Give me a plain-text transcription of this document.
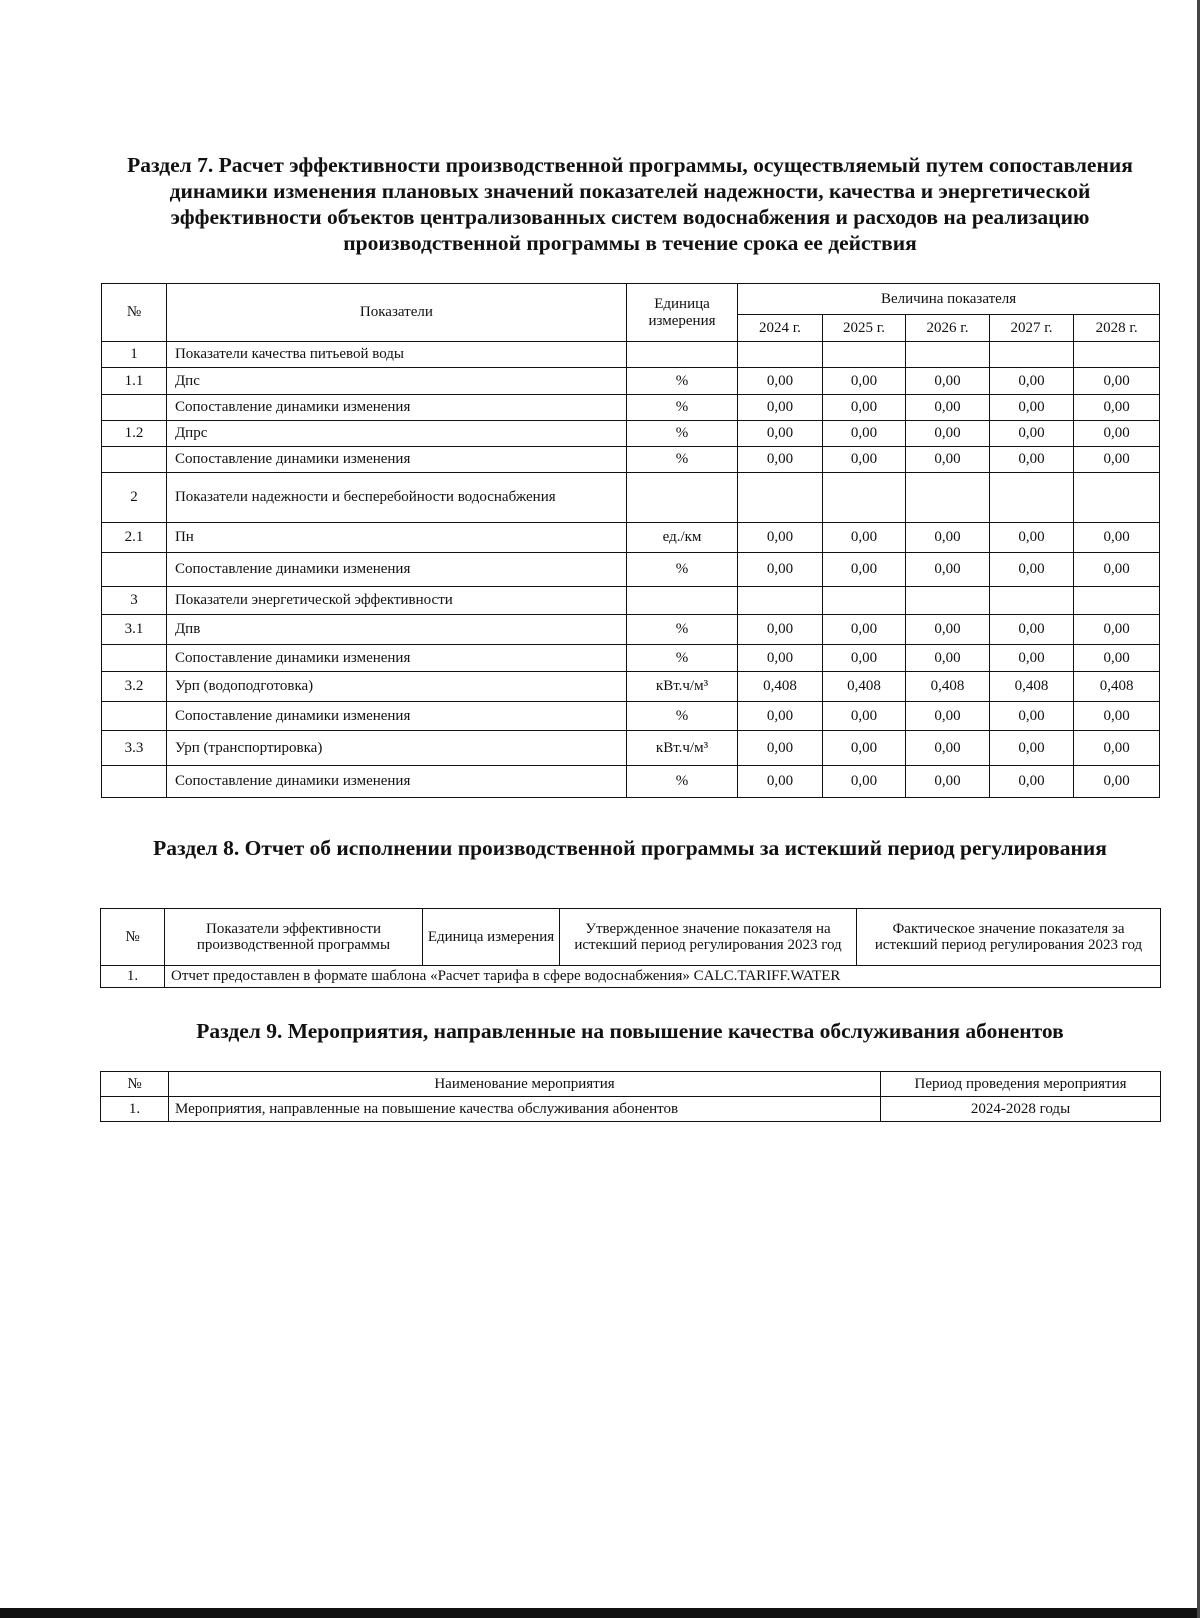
Раздел 7. Расчет эффективности производственной программы, осуществляемый путем сопоставления динамики изменения плановых значений показателей надежности, качества и энергетической эффективности объектов централизованных систем водоснабжения и расходов на реализацию производственной программы в течение срока ее действия
№	Показатели	Единица измерения	Величина показателя				
			2024 г.	2025 г.	2026 г.	2027 г.	2028 г.
1	Показатели качества питьевой воды						
1.1	Дпс	%	0,00	0,00	0,00	0,00	0,00
	Сопоставление динамики изменения	%	0,00	0,00	0,00	0,00	0,00
1.2	Дпрс	%	0,00	0,00	0,00	0,00	0,00
	Сопоставление динамики изменения	%	0,00	0,00	0,00	0,00	0,00
2	Показатели надежности и бесперебойности водоснабжения						
2.1	Пн	ед./км	0,00	0,00	0,00	0,00	0,00
	Сопоставление динамики изменения	%	0,00	0,00	0,00	0,00	0,00
3	Показатели энергетической эффективности						
3.1	Дпв	%	0,00	0,00	0,00	0,00	0,00
	Сопоставление динамики изменения	%	0,00	0,00	0,00	0,00	0,00
3.2	Урп (водоподготовка)	кВт.ч/м³	0,408	0,408	0,408	0,408	0,408
	Сопоставление динамики изменения	%	0,00	0,00	0,00	0,00	0,00
3.3	Урп (транспортировка)	кВт.ч/м³	0,00	0,00	0,00	0,00	0,00
	Сопоставление динамики изменения	%	0,00	0,00	0,00	0,00	0,00
Раздел 8. Отчет об исполнении производственной программы за истекший период регулирования
№	Показатели эффективности производственной программы	Единица измерения	Утвержденное значение показателя на истекший период регулирования 2023 год	Фактическое значение показателя за истекший период регулирования 2023 год
1.	Отчет предоставлен в формате шаблона «Расчет тарифа в сфере водоснабжения» CALC.TARIFF.WATER			
Раздел 9. Мероприятия, направленные на повышение качества обслуживания абонентов
№	Наименование мероприятия	Период проведения мероприятия
1.	Мероприятия, направленные на повышение качества обслуживания абонентов	2024-2028 годы
